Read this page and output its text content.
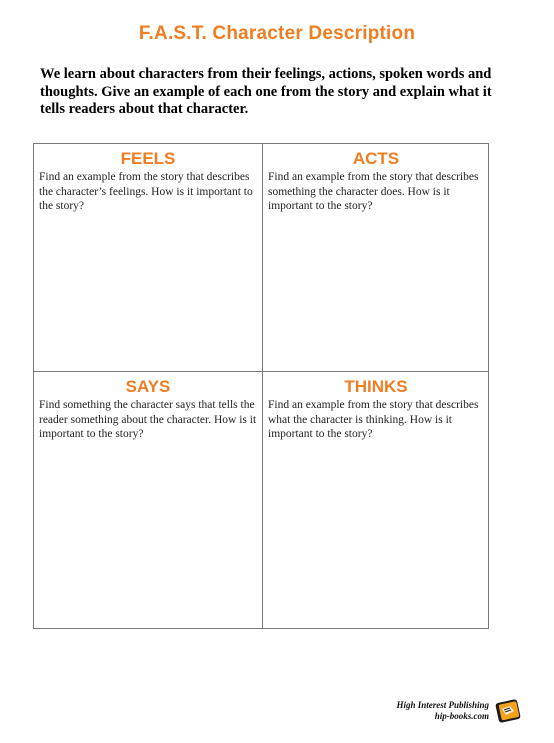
F.A.S.T. Character Description
We learn about characters from their feelings, actions, spoken words and thoughts. Give an example of each one from the story and explain what it tells readers about that character.
FEELS
Find an example from the story that describes the character’s feelings. How is it important to the story?
ACTS
Find an example from the story that describes something the character does. How is it important to the story?
SAYS
Find something the character says that tells the reader something about the character. How is it important to the story?
THINKS
Find an example from the story that describes what the character is thinking. How is it important to the story?
High Interest Publishing
hip-books.com
